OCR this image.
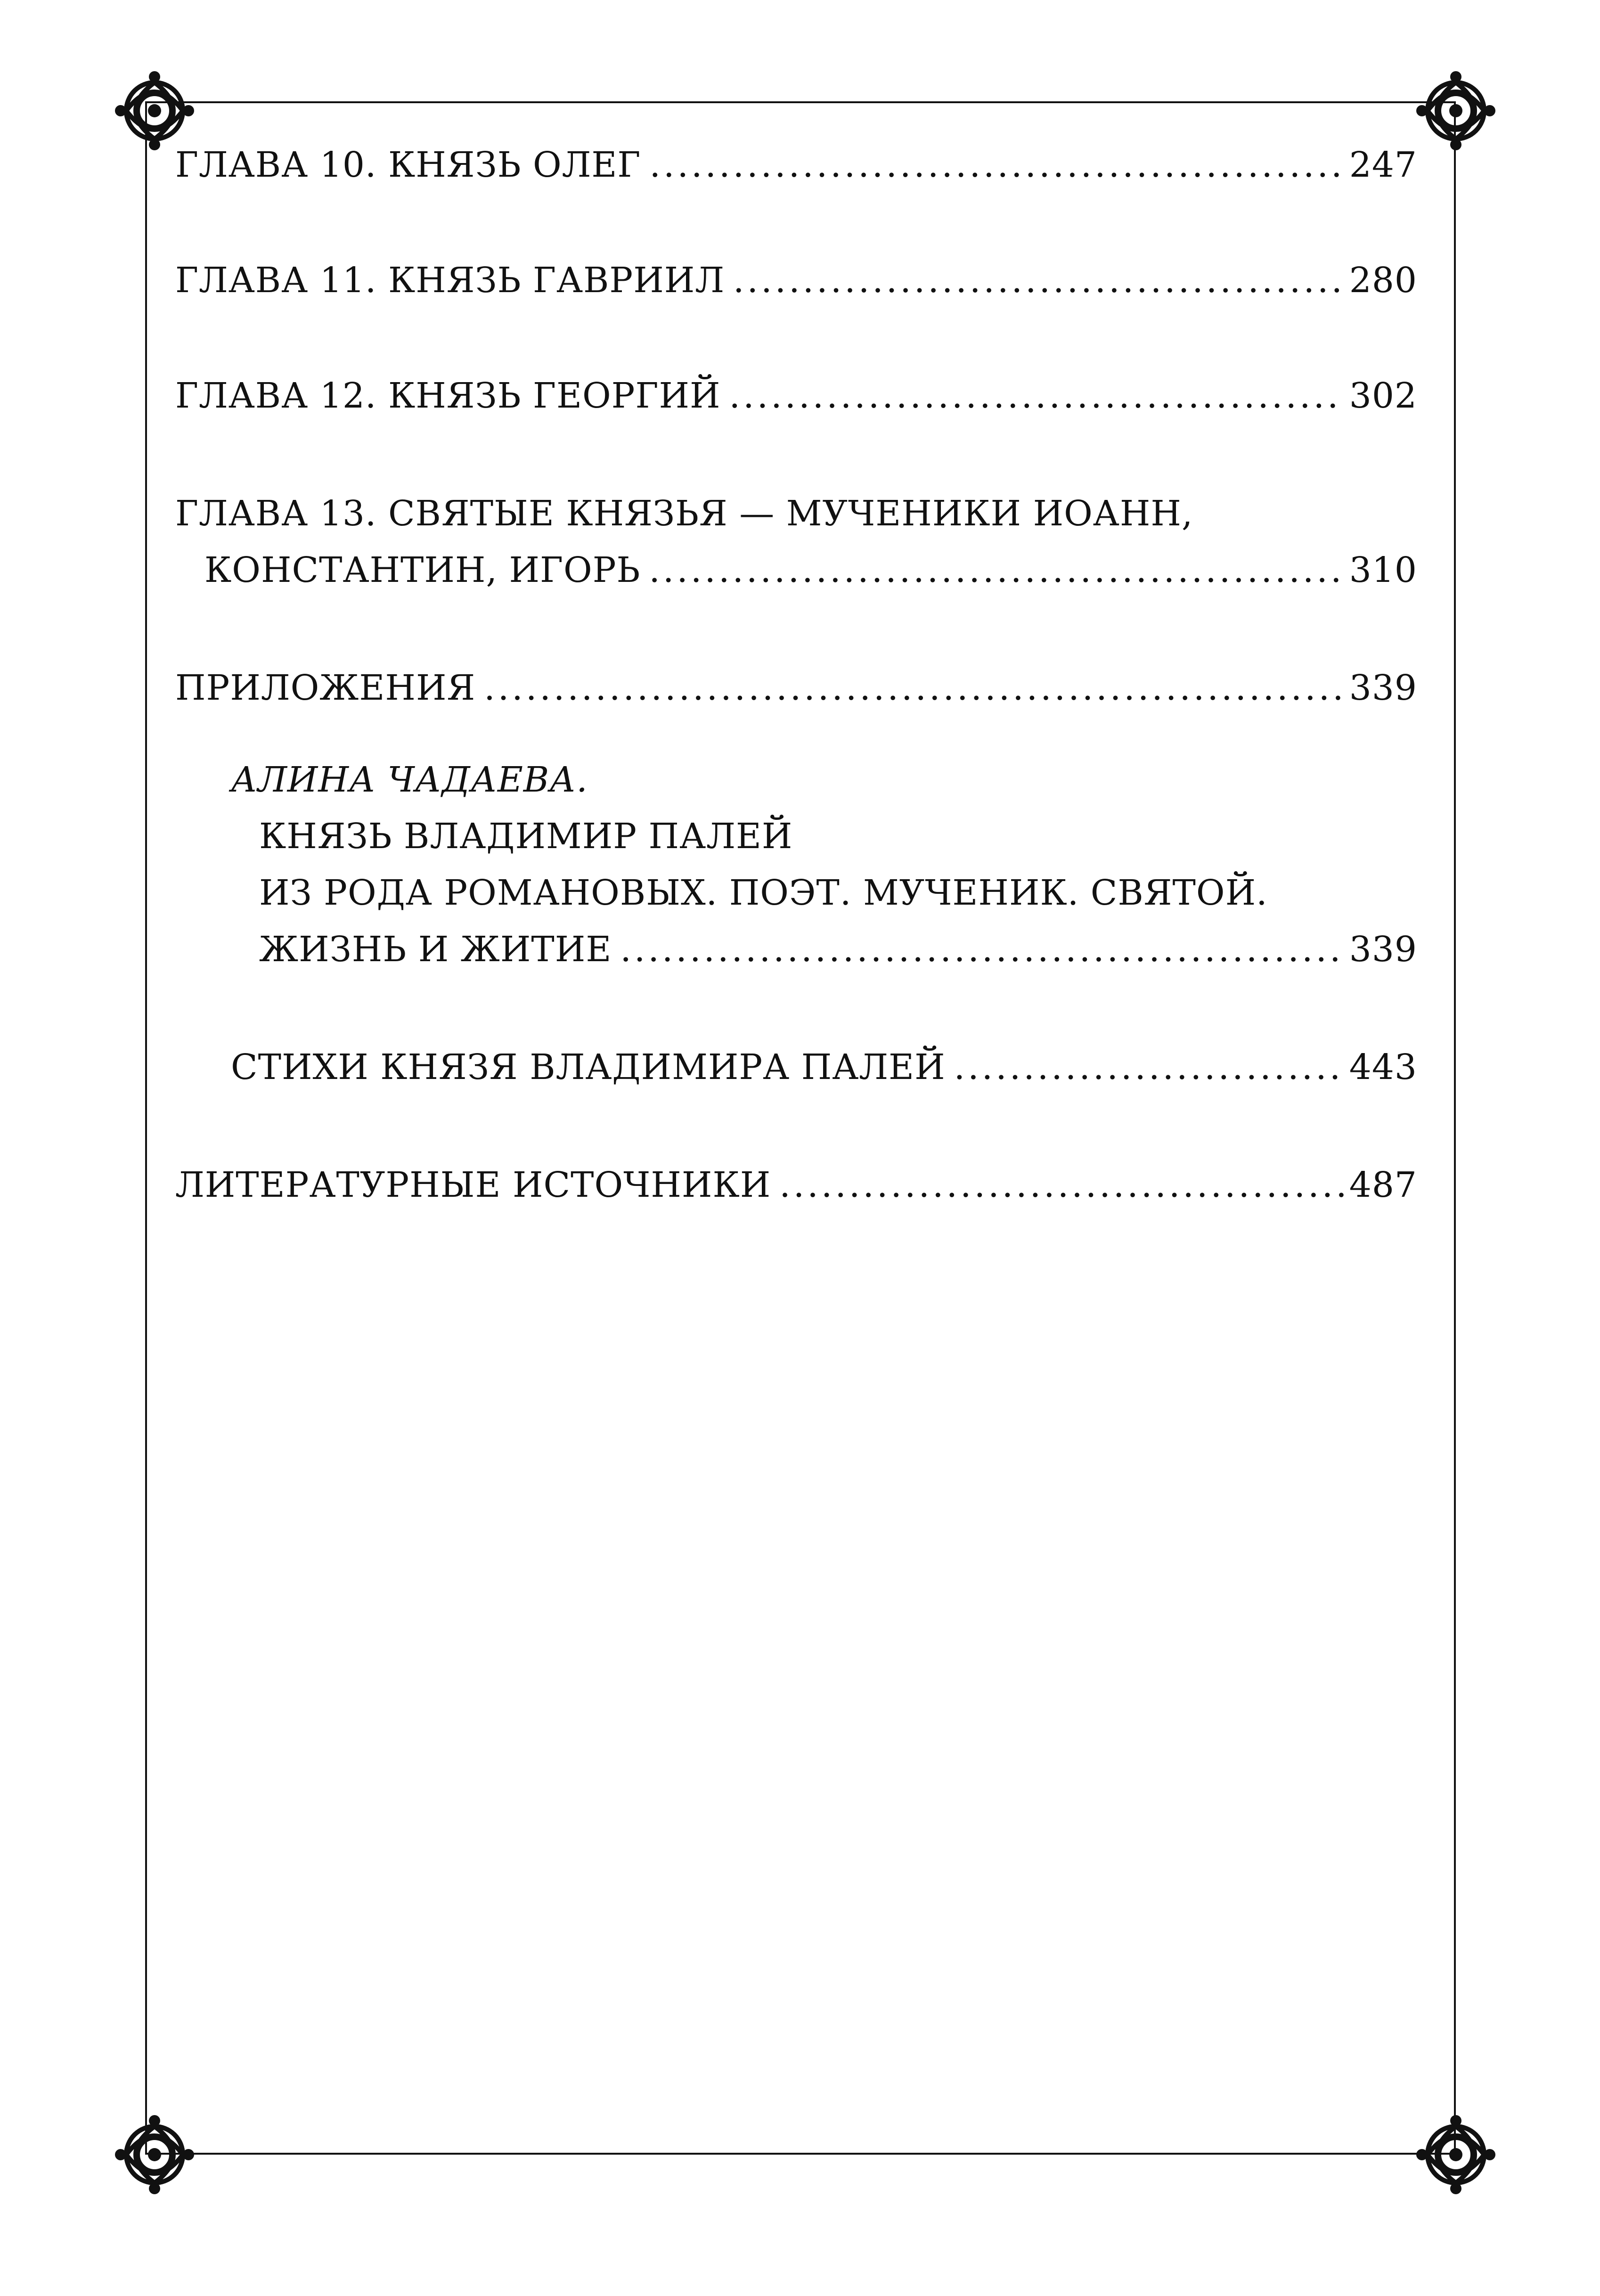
ГЛАВА 10. КНЯЗЬ ОЛЕГ .....	247
ГЛАВА 11. КНЯЗЬ ГАВРИИЛ .....	280
ГЛАВА 12. КНЯЗЬ ГЕОРГИЙ .....	302
ГЛАВА 13. СВЯТЫЕ КНЯЗЬЯ — МУЧЕНИКИ ИОАНН,
КОНСТАНТИН, ИГОРЬ .....	310
ПРИЛОЖЕНИЯ .....	339
АЛИНА ЧАДАЕВА.
КНЯЗЬ ВЛАДИМИР ПАЛЕЙ
ИЗ РОДА РОМАНОВЫХ. ПОЭТ. МУЧЕНИК. СВЯТОЙ.
ЖИЗНЬ И ЖИТИЕ .....	339
СТИХИ КНЯЗЯ ВЛАДИМИРА ПАЛЕЙ .....	443
ЛИТЕРАТУРНЫЕ ИСТОЧНИКИ .....	487
